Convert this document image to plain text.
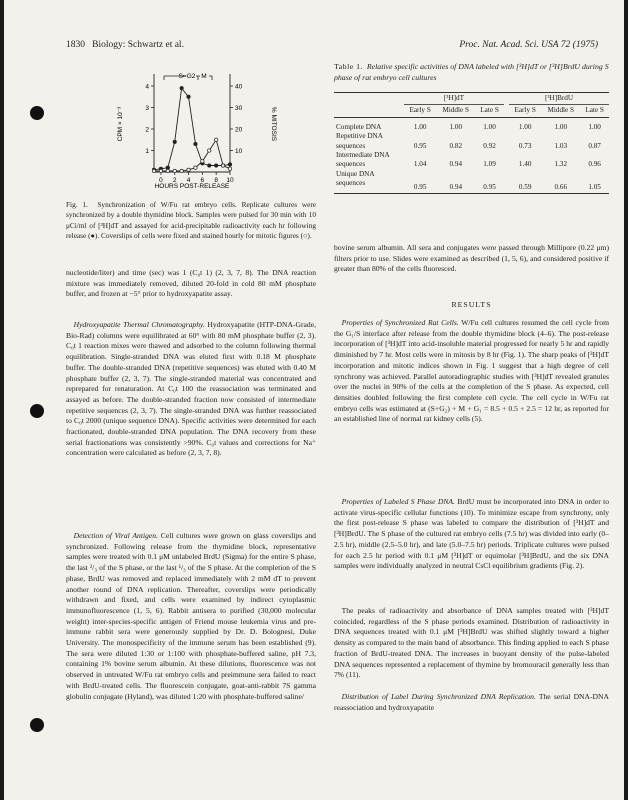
1830 Biology: Schwartz et al.	Proc. Nat. Acad. Sci. USA 72 (1975)
S=G2 M
CPM × 10⁻³	% MITOSIS
HOURS POST-RELEASE
1
2
3
4
10
20
30
40
0 2 4 6 8 10

Fig. 1. Synchronization of W/Fu rat embryo cells. Replicate cultures were synchronized by a double thymidine block. Samples were pulsed for 30 min with 10 μCi/ml of [³H]dT and assayed for acid-precipitable radioactivity each hr following release (●). Coverslips of cells were fixed and stained hourly for mitotic figures (○).

Table 1. Relative specific activities of DNA labeled with [³H]dT or [³H]BrdU during S phase of rat embryo cell cultures

	[³H]dT				[³H]BrdU		
	Early S	Middle S	Late S		Early S	Middle S	Late S
Complete DNA	1.00	1.00	1.00		1.00	1.00	1.00
Repetitive DNA sequences	0.95	0.82	0.92		0.73	1.03	0.87
Intermediate DNA sequences	1.04	0.94	1.09		1.40	1.32	0.96
Unique DNA sequences	0.95	0.94	0.95		0.59	0.66	1.05

nucleotide/liter) and time (sec) was 1 (C₀t 1) (2, 3, 7, 8). The DNA reaction mixture was immediately removed, diluted 20-fold in cold 80 mM phosphate buffer, and frozen at −5° prior to hydroxyapatite assay.

 Hydroxyapatite Thermal Chromatography. Hydroxyapatite (HTP-DNA-Grade, Bio-Rad) columns were equilibrated at 60° with 80 mM phosphate buffer (2, 3). C₀t 1 reaction mixes were thawed and adsorbed to the column following thermal equilibration. Single-stranded DNA was eluted first with 0.18 M phosphate buffer. The double-stranded DNA (repetitive sequences) was eluted with 0.40 M phosphate buffer (2, 3, 7). The single-stranded material was concentrated and reprepared for renaturation. At C₀t 100 the reassociation was terminated and assayed as before. The double-stranded fraction now consisted of intermediate repetitive sequences (2, 3, 7). The single-stranded DNA was further reassociated to C₀t 2000 (unique sequence DNA). Specific activities were determined for each fractionated, double-stranded DNA population. The DNA recovery from these serial fractionations was consistently >90%. C₀t values and corrections for Na⁺ concentration were calculated as before (2, 3, 7, 8).

 Detection of Viral Antigen. Cell cultures were grown on glass coverslips and synchronized. Following release from the thymidine block, representative samples were treated with 0.1 μM unlabeled BrdU (Sigma) for the entire S phase, the last ²/₃ of the S phase, or the last ¹/₃ of the S phase. At the completion of the S phase, BrdU was removed and replaced immediately with 2 mM dT to prevent another round of DNA replication. Thereafter, coverslips were periodically withdrawn and fixed, and cells were examined by indirect cytoplasmic immunofluorescence (1, 5, 6). Rabbit antisera to purified (30,000 molecular weight) inter-species-specific antigen of Friend mouse leukemia virus and pre-immune rabbit sera were generously supplied by Dr. D. Bolognesi, Duke University. The monospecificity of the immune serum has been established (9). The sera were diluted 1:30 or 1:100 with phosphate-buffered saline, pH 7.3, containing 1% bovine serum albumin. At these dilutions, fluorescence was not observed in untreated W/Fu rat embryo cells and preimmune sera failed to react with BrdU-treated cells. The fluorescein conjugate, goat-anti-rabbit 7S gamma globulin conjugate (Hyland), was diluted 1:20 with phosphate-buffered saline/

bovine serum albumin. All sera and conjugates were passed through Millipore (0.22 μm) filters prior to use. Slides were examined as described (1, 5, 6), and considered positive if greater than 80% of the cells fluoresced.

RESULTS

 Properties of Synchronized Rat Cells. W/Fu cell cultures resumed the cell cycle from the G₁/S interface after release from the double thymidine block (4–6). The post-release incorporation of [³H]dT into acid-insoluble material progressed for nearly 5 hr and rapidly diminished by 7 hr. Most cells were in mitosis by 8 hr (Fig. 1). The sharp peaks of [³H]dT incorporation and mitotic indices shown in Fig. 1 suggest that a high degree of cell synchrony was achieved. Parallel autoradiographic studies with [³H]dT revealed granules over the nuclei in 90% of the cells at the completion of the S phase. As expected, cell densities doubled following the first complete cell cycle. The cell cycle in W/Fu rat embryo cells was estimated at (S+G₂) + M + G₁ = 8.5 + 0.5 + 2.5 = 12 hr, as reported for an established line of normal rat kidney cells (5).

 Properties of Labeled S Phase DNA. BrdU must be incorporated into DNA in order to activate virus-specific cellular functions (10). To minimize escape from synchrony, only the first post-release S phase was labeled to compare the distribution of [³H]dT and [³H]BrdU. The S phase of the cultured rat embryo cells (7.5 hr) was divided into early (0–2.5 hr), middle (2.5–5.0 hr), and late (5.0–7.5 hr) periods. Triplicate cultures were pulsed for each 2.5 hr period with 0.1 μM [³H]dT or equimolar [³H]BrdU, and the six DNA samples were individually analyzed in neutral CsCl equilibrium gradients (Fig. 2).

 The peaks of radioactivity and absorbance of DNA samples treated with [³H]dT coincided, regardless of the S phase periods examined. Distribution of radioactivity in DNA sequences treated with 0.1 μM [³H]BrdU was shifted slightly toward a higher density as compared to the main band of absorbance. This finding applied to each S phase fraction of BrdU-treated DNA. The increases in buoyant density of the pulse-labeled DNA sequences represented a replacement of thymine by bromouracil generally less than 7% (11).

 Distribution of Label During Synchronized DNA Replication. The serial DNA-DNA reassociation and hydroxyapatite
